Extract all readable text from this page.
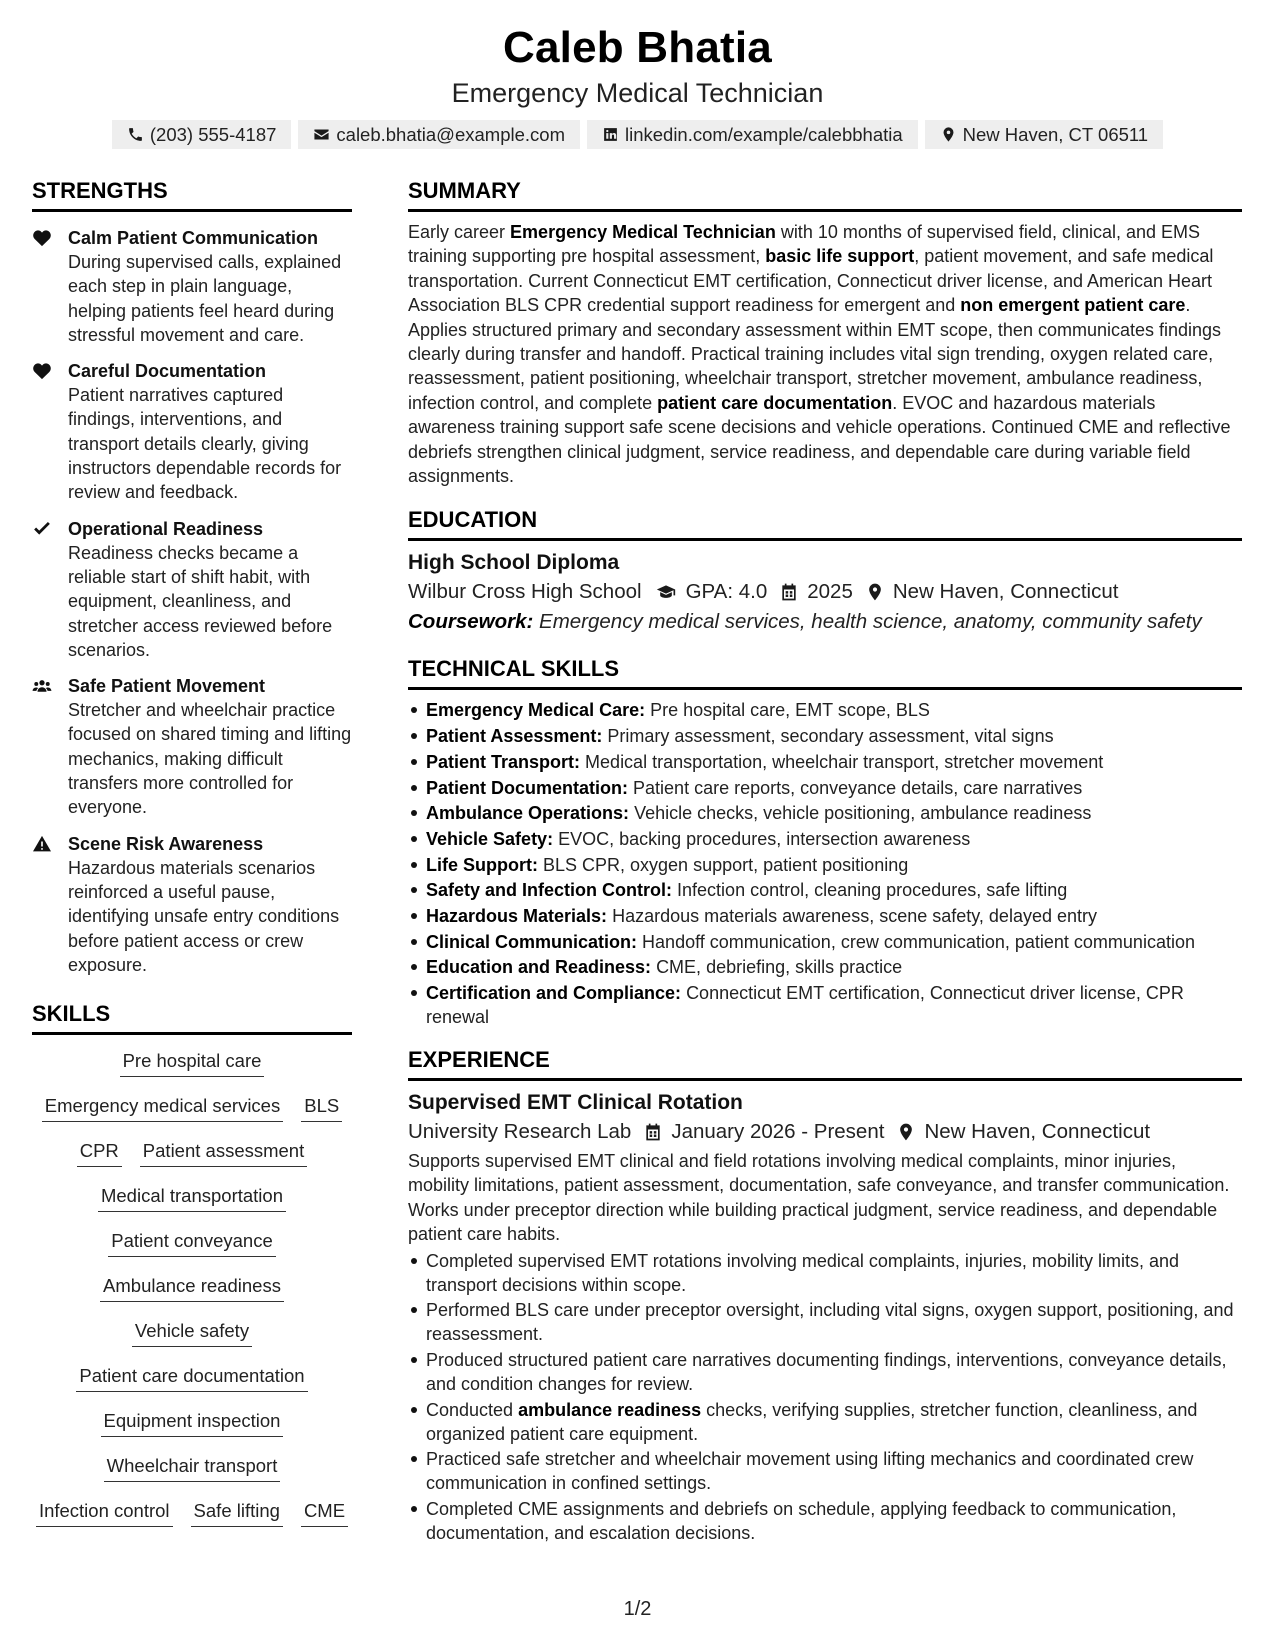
Caleb Bhatia
Emergency Medical Technician
(203) 555-4187	caleb.bhatia@example.com	linkedin.com/example/calebbhatia	New Haven, CT 06511
STRENGTHS
Calm Patient Communication
During supervised calls, explained each step in plain language, helping patients feel heard during stressful movement and care.
Careful Documentation
Patient narratives captured findings, interventions, and transport details clearly, giving instructors dependable records for review and feedback.
Operational Readiness
Readiness checks became a reliable start of shift habit, with equipment, cleanliness, and stretcher access reviewed before scenarios.
Safe Patient Movement
Stretcher and wheelchair practice focused on shared timing and lifting mechanics, making difficult transfers more controlled for everyone.
Scene Risk Awareness
Hazardous materials scenarios reinforced a useful pause, identifying unsafe entry conditions before patient access or crew exposure.
SKILLS
Pre hospital care
Emergency medical services BLS
CPR Patient assessment
Medical transportation
Patient conveyance
Ambulance readiness
Vehicle safety
Patient care documentation
Equipment inspection
Wheelchair transport
Infection control Safe lifting CME
SUMMARY

Early career Emergency Medical Technician with 10 months of supervised field, clinical, and EMS training supporting pre hospital assessment, basic life support, patient movement, and safe medical transportation. Current Connecticut EMT certification, Connecticut driver license, and American Heart Association BLS CPR credential support readiness for emergent and non emergent patient care. Applies structured primary and secondary assessment within EMT scope, then communicates findings clearly during transfer and handoff. Practical training includes vital sign trending, oxygen related care, reassessment, patient positioning, wheelchair transport, stretcher movement, ambulance readiness, infection control, and complete patient care documentation. EVOC and hazardous materials awareness training support safe scene decisions and vehicle operations. Continued CME and reflective debriefs strengthen clinical judgment, service readiness, and dependable care during variable field assignments.

EDUCATION
High School Diploma
Wilbur Cross High School GPA: 4.0 2025 New Haven, Connecticut
Coursework: Emergency medical services, health science, anatomy, community safety
TECHNICAL SKILLS
Emergency Medical Care: Pre hospital care, EMT scope, BLS
Patient Assessment: Primary assessment, secondary assessment, vital signs
Patient Transport: Medical transportation, wheelchair transport, stretcher movement
Patient Documentation: Patient care reports, conveyance details, care narratives
Ambulance Operations: Vehicle checks, vehicle positioning, ambulance readiness
Vehicle Safety: EVOC, backing procedures, intersection awareness
Life Support: BLS CPR, oxygen support, patient positioning
Safety and Infection Control: Infection control, cleaning procedures, safe lifting
Hazardous Materials: Hazardous materials awareness, scene safety, delayed entry
Clinical Communication: Handoff communication, crew communication, patient communication
Education and Readiness: CME, debriefing, skills practice
Certification and Compliance: Connecticut EMT certification, Connecticut driver license, CPR renewal
EXPERIENCE
Supervised EMT Clinical Rotation
University Research Lab January 2026 - Present New Haven, Connecticut

Supports supervised EMT clinical and field rotations involving medical complaints, minor injuries, mobility limitations, patient assessment, documentation, safe conveyance, and transfer communication. Works under preceptor direction while building practical judgment, service readiness, and dependable patient care habits.

Completed supervised EMT rotations involving medical complaints, injuries, mobility limits, and transport decisions within scope.
Performed BLS care under preceptor oversight, including vital signs, oxygen support, positioning, and reassessment.
Produced structured patient care narratives documenting findings, interventions, conveyance details, and condition changes for review.
Conducted ambulance readiness checks, verifying supplies, stretcher function, cleanliness, and organized patient care equipment.
Practiced safe stretcher and wheelchair movement using lifting mechanics and coordinated crew communication in confined settings.
Completed CME assignments and debriefs on schedule, applying feedback to communication, documentation, and escalation decisions.
1/2
